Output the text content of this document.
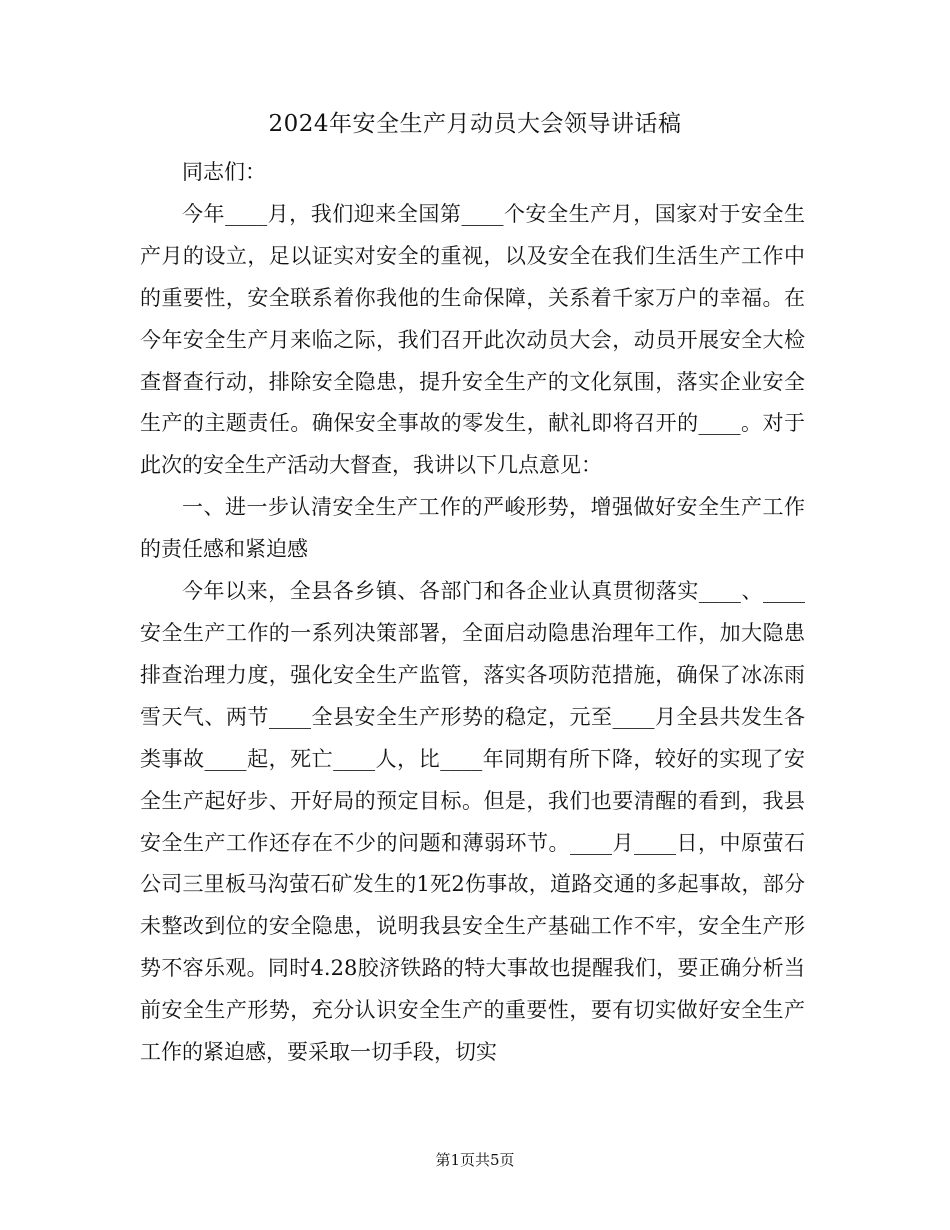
2024年安全生产月动员大会领导讲话稿

同志们：

今年____月，我们迎来全国第____个安全生产月，国家对于安全生产月的设立，足以证实对安全的重视，以及安全在我们生活生产工作中的重要性，安全联系着你我他的生命保障，关系着千家万户的幸福。在今年安全生产月来临之际，我们召开此次动员大会，动员开展安全大检查督查行动，排除安全隐患，提升安全生产的文化氛围，落实企业安全生产的主题责任。确保安全事故的零发生，献礼即将召开的____。对于此次的安全生产活动大督查，我讲以下几点意见：

一、进一步认清安全生产工作的严峻形势，增强做好安全生产工作的责任感和紧迫感

今年以来，全县各乡镇、各部门和各企业认真贯彻落实____、____安全生产工作的一系列决策部署，全面启动隐患治理年工作，加大隐患排查治理力度，强化安全生产监管，落实各项防范措施，确保了冰冻雨雪天气、两节____全县安全生产形势的稳定，元至____月全县共发生各类事故____起，死亡____人，比____年同期有所下降，较好的实现了安全生产起好步、开好局的预定目标。但是，我们也要清醒的看到，我县安全生产工作还存在不少的问题和薄弱环节。____月____日，中原萤石公司三里板马沟萤石矿发生的1死2伤事故，道路交通的多起事故，部分未整改到位的安全隐患，说明我县安全生产基础工作不牢，安全生产形势不容乐观。同时4.28胶济铁路的特大事故也提醒我们，要正确分析当前安全生产形势，充分认识安全生产的重要性，要有切实做好安全生产工作的紧迫感，要采取一切手段，切实

第1页共5页
